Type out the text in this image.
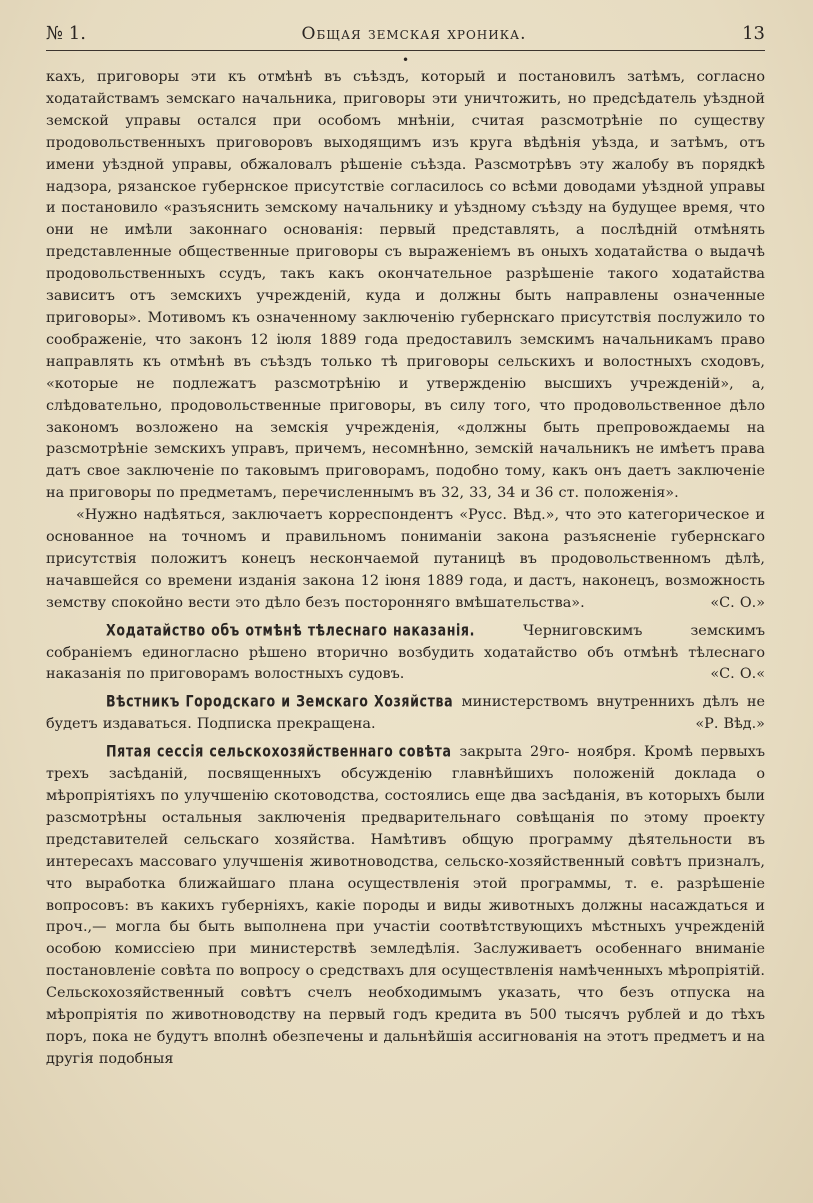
№ 1.	Общая земская хроника.	13
•

кахъ, приговоры эти къ отмѣнѣ въ съѣздъ, который и постановилъ затѣмъ, согласно ходатайствамъ земскаго начальника, приговоры эти уничтожить, но предсѣдатель уѣздной земской управы остался при особомъ мнѣніи, считая разсмотрѣніе по существу продовольственныхъ приговоровъ выходящимъ изъ круга вѣдѣнія уѣзда, и затѣмъ, отъ имени уѣздной управы, обжаловалъ рѣшеніе съѣзда. Разсмотрѣвъ эту жалобу въ порядкѣ надзора, рязанское губернское присутствіе согласилось со всѣми доводами уѣздной управы и постановило «разъяснить земскому начальнику и уѣздному съѣзду на будущее время, что они не имѣли законнаго основанія: первый представлять, а послѣдній отмѣнять представленные общественные приговоры съ выраженіемъ въ оныхъ ходатайства о выдачѣ продовольственныхъ ссудъ, такъ какъ окончательное разрѣшеніе такого ходатайства зависитъ отъ земскихъ учрежденій, куда и должны быть направлены означенные приговоры». Мотивомъ къ означенному заключенію губернскаго присутствія послужило то соображеніе, что законъ 12 іюля 1889 года предоставилъ земскимъ начальникамъ право направлять къ отмѣнѣ въ съѣздъ только тѣ приговоры сельскихъ и волостныхъ сходовъ, «которые не подлежатъ разсмотрѣнію и утвержденію высшихъ учрежденій», а, слѣдовательно, продовольственные приговоры, въ силу того, что продовольственное дѣло закономъ возложено на земскія учрежденія, «должны быть препровождаемы на разсмотрѣніе земскихъ управъ, причемъ, несомнѣнно, земскій начальникъ не имѣетъ права датъ свое заключеніе по таковымъ приговорамъ, подобно тому, какъ онъ даетъ заключеніе на приговоры по предметамъ, перечисленнымъ въ 32, 33, 34 и 36 ст. положенія».

«Нужно надѣяться, заключаетъ корреспондентъ «Русс. Вѣд.», что это категорическое и основанное на точномъ и правильномъ пониманіи закона разъясненіе губернскаго присутствія положитъ конецъ нескончаемой путаницѣ въ продовольственномъ дѣлѣ, начавшейся со времени изданія закона 12 іюня 1889 года, и дастъ, наконецъ, возможность земству спокойно вести это дѣло безъ посторонняго вмѣшательства».	«С. О.»

Ходатайство объ отмѣнѣ тѣлеснаго наказанія.	Черниговскимъ земскимъ собраніемъ единогласно рѣшено вторично возбудить ходатайство объ отмѣнѣ тѣлеснаго наказанія по приговорамъ волостныхъ судовъ.	«С. О.«

Вѣстникъ Городскаго и Земскаго Хозяйства министерствомъ внутреннихъ дѣлъ не будетъ издаваться. Подписка прекращена.	«Р. Вѣд.»

Пятая сессія сельскохозяйственнаго совѣта закрыта 29го- ноября. Кромѣ первыхъ трехъ засѣданій, посвященныхъ обсужденію главнѣйшихъ положеній доклада о мѣропріятіяхъ по улучшенію скотоводства, состоялись еще два засѣданія, въ которыхъ были разсмотрѣны остальныя заключенія предварительнаго совѣщанія по этому проекту представителей сельскаго хозяйства. Намѣтивъ общую программу дѣятельности въ интересахъ массоваго улучшенія животноводства, сельско-хозяйственный совѣтъ призналъ, что выработка ближайшаго плана осуществленія этой программы, т. е. разрѣшеніе вопросовъ: въ какихъ губерніяхъ, какіе породы и виды животныхъ должны насаждаться и проч.,— могла бы быть выполнена при участіи соотвѣтствующихъ мѣстныхъ учрежденій особою комиссіею при министерствѣ земледѣлія. Заслуживаетъ особеннаго вниманіе постановленіе совѣта по вопросу о средствахъ для осуществленія намѣченныхъ мѣропріятій. Сельскохозяйственный совѣтъ счелъ необходимымъ указать, что безъ отпуска на мѣропріятія по животноводству на первый годъ кредита въ 500 тысячъ рублей и до тѣхъ поръ, пока не будутъ вполнѣ обезпечены и дальнѣйшія ассигнованія на этотъ предметъ и на другія подобныя
